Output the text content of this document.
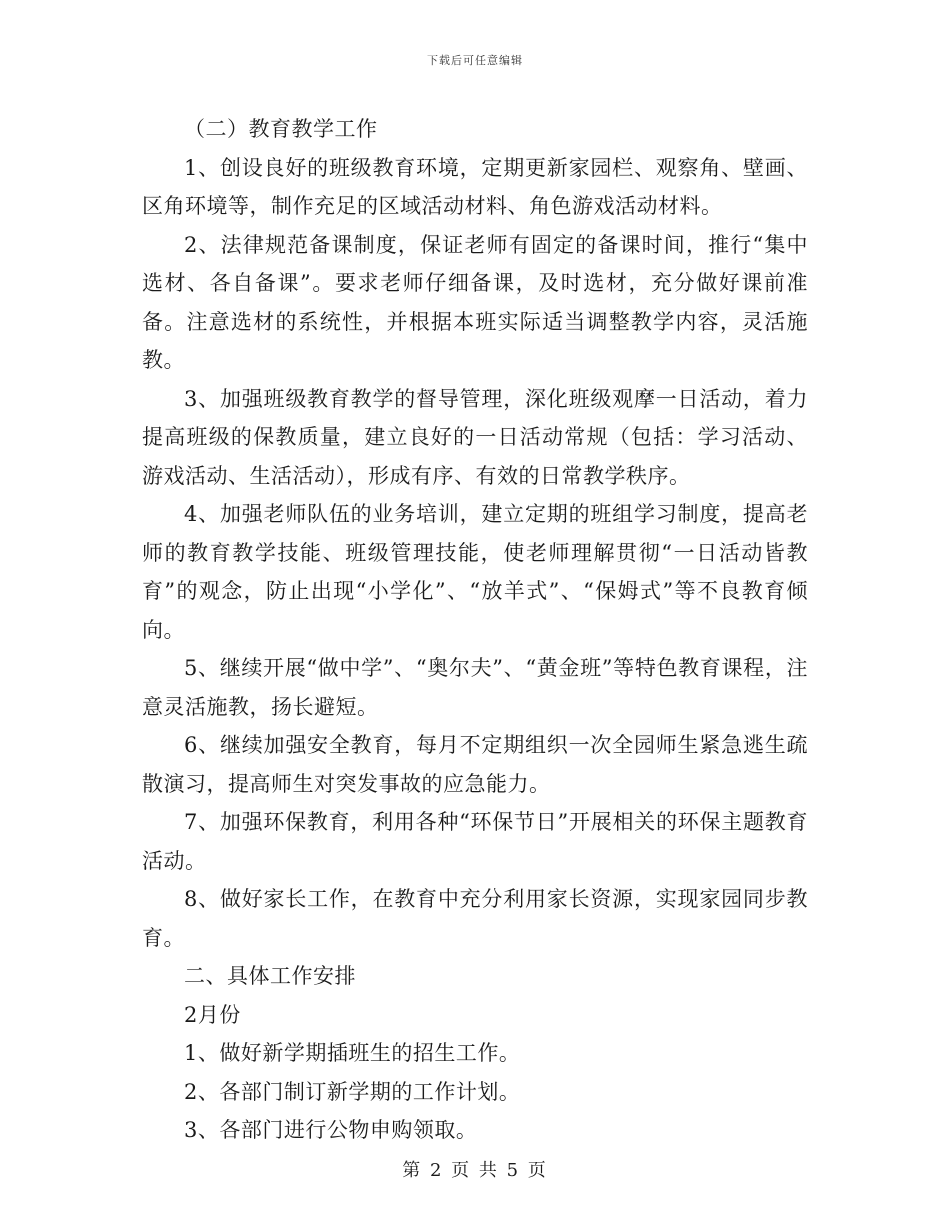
下载后可任意编辑

（二）教育教学工作

1、创设良好的班级教育环境，定期更新家园栏、观察角、壁画、区角环境等，制作充足的区域活动材料、角色游戏活动材料。

2、法律规范备课制度，保证老师有固定的备课时间，推行“集中选材、各自备课”。要求老师仔细备课，及时选材，充分做好课前准备。注意选材的系统性，并根据本班实际适当调整教学内容，灵活施教。

3、加强班级教育教学的督导管理，深化班级观摩一日活动，着力提高班级的保教质量，建立良好的一日活动常规（包括：学习活动、游戏活动、生活活动），形成有序、有效的日常教学秩序。

4、加强老师队伍的业务培训，建立定期的班组学习制度，提高老师的教育教学技能、班级管理技能，使老师理解贯彻“一日活动皆教育”的观念，防止出现“小学化”、“放羊式”、“保姆式”等不良教育倾向。

5、继续开展“做中学”、“奥尔夫”、“黄金班”等特色教育课程，注意灵活施教，扬长避短。

6、继续加强安全教育，每月不定期组织一次全园师生紧急逃生疏散演习，提高师生对突发事故的应急能力。

7、加强环保教育，利用各种“环保节日”开展相关的环保主题教育活动。

8、做好家长工作，在教育中充分利用家长资源，实现家园同步教育。

二、具体工作安排

2月份

1、做好新学期插班生的招生工作。

2、各部门制订新学期的工作计划。

3、各部门进行公物申购领取。

第 2 页 共 5 页
